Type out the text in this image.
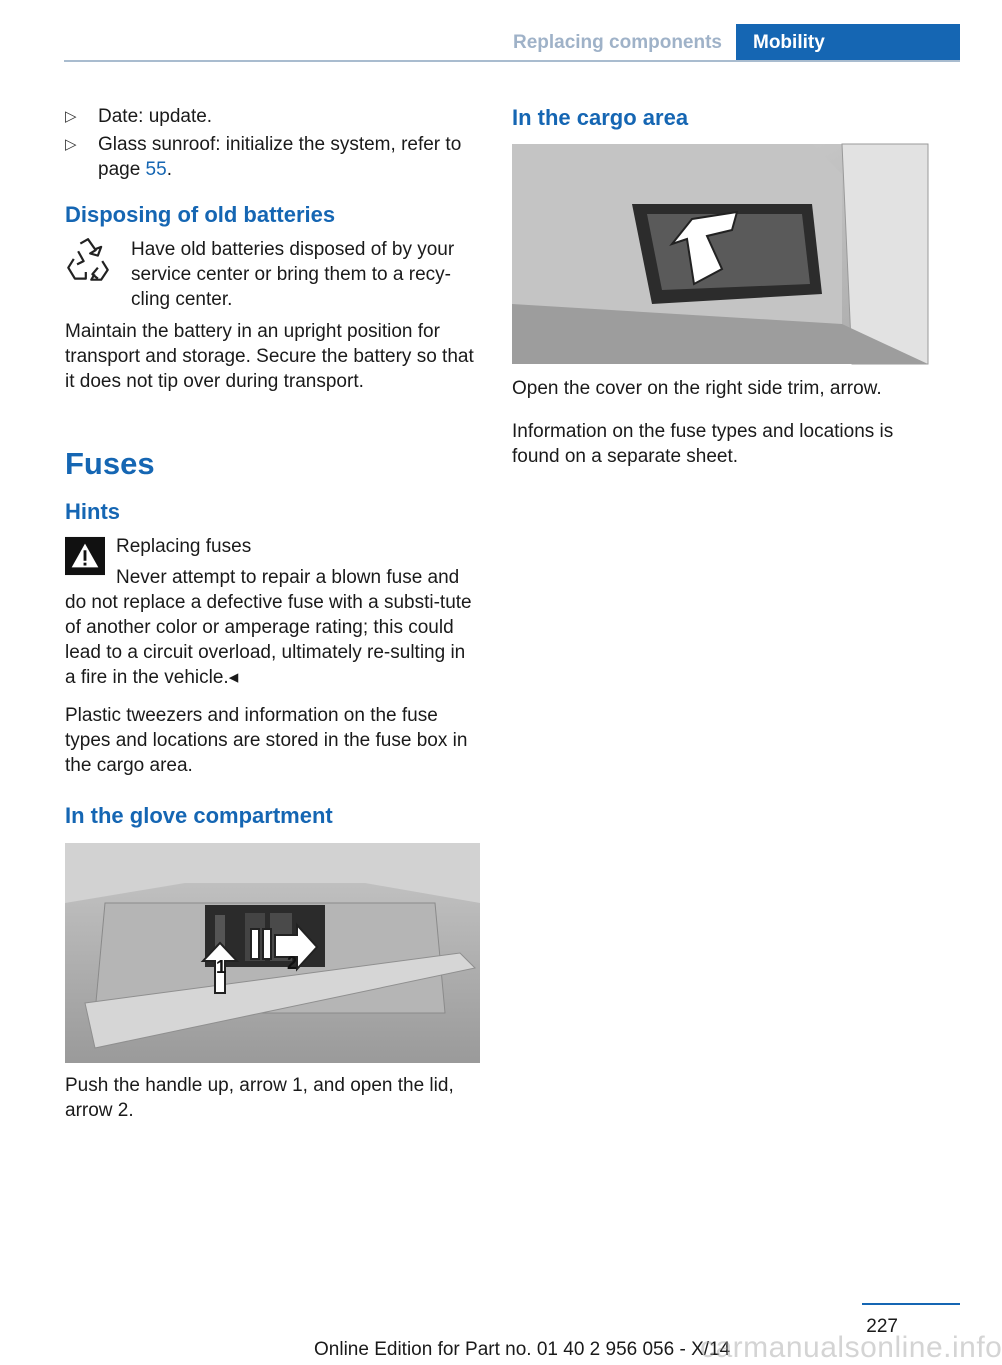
Replacing components	Mobility
▷ Date: update.
▷ Glass sunroof: initialize the system, refer to page 55.
Disposing of old batteries

Have old batteries disposed of by your service center or bring them to a recy‐cling center.

Maintain the battery in an upright position for transport and storage. Secure the battery so that it does not tip over during transport.

Fuses
Hints

Replacing fuses

Never attempt to repair a blown fuse and do not replace a defective fuse with a substi‐tute of another color or amperage rating; this could lead to a circuit overload, ultimately re‐sulting in a fire in the vehicle.◂

Plastic tweezers and information on the fuse types and locations are stored in the fuse box in the cargo area.

In the glove compartment
1	2

Push the handle up, arrow 1, and open the lid, arrow 2.

In the cargo area

Open the cover on the right side trim, arrow.

Information on the fuse types and locations is found on a separate sheet.

227
Online Edition for Part no. 01 40 2 956 056 - X/14
carmanualsonline.info
